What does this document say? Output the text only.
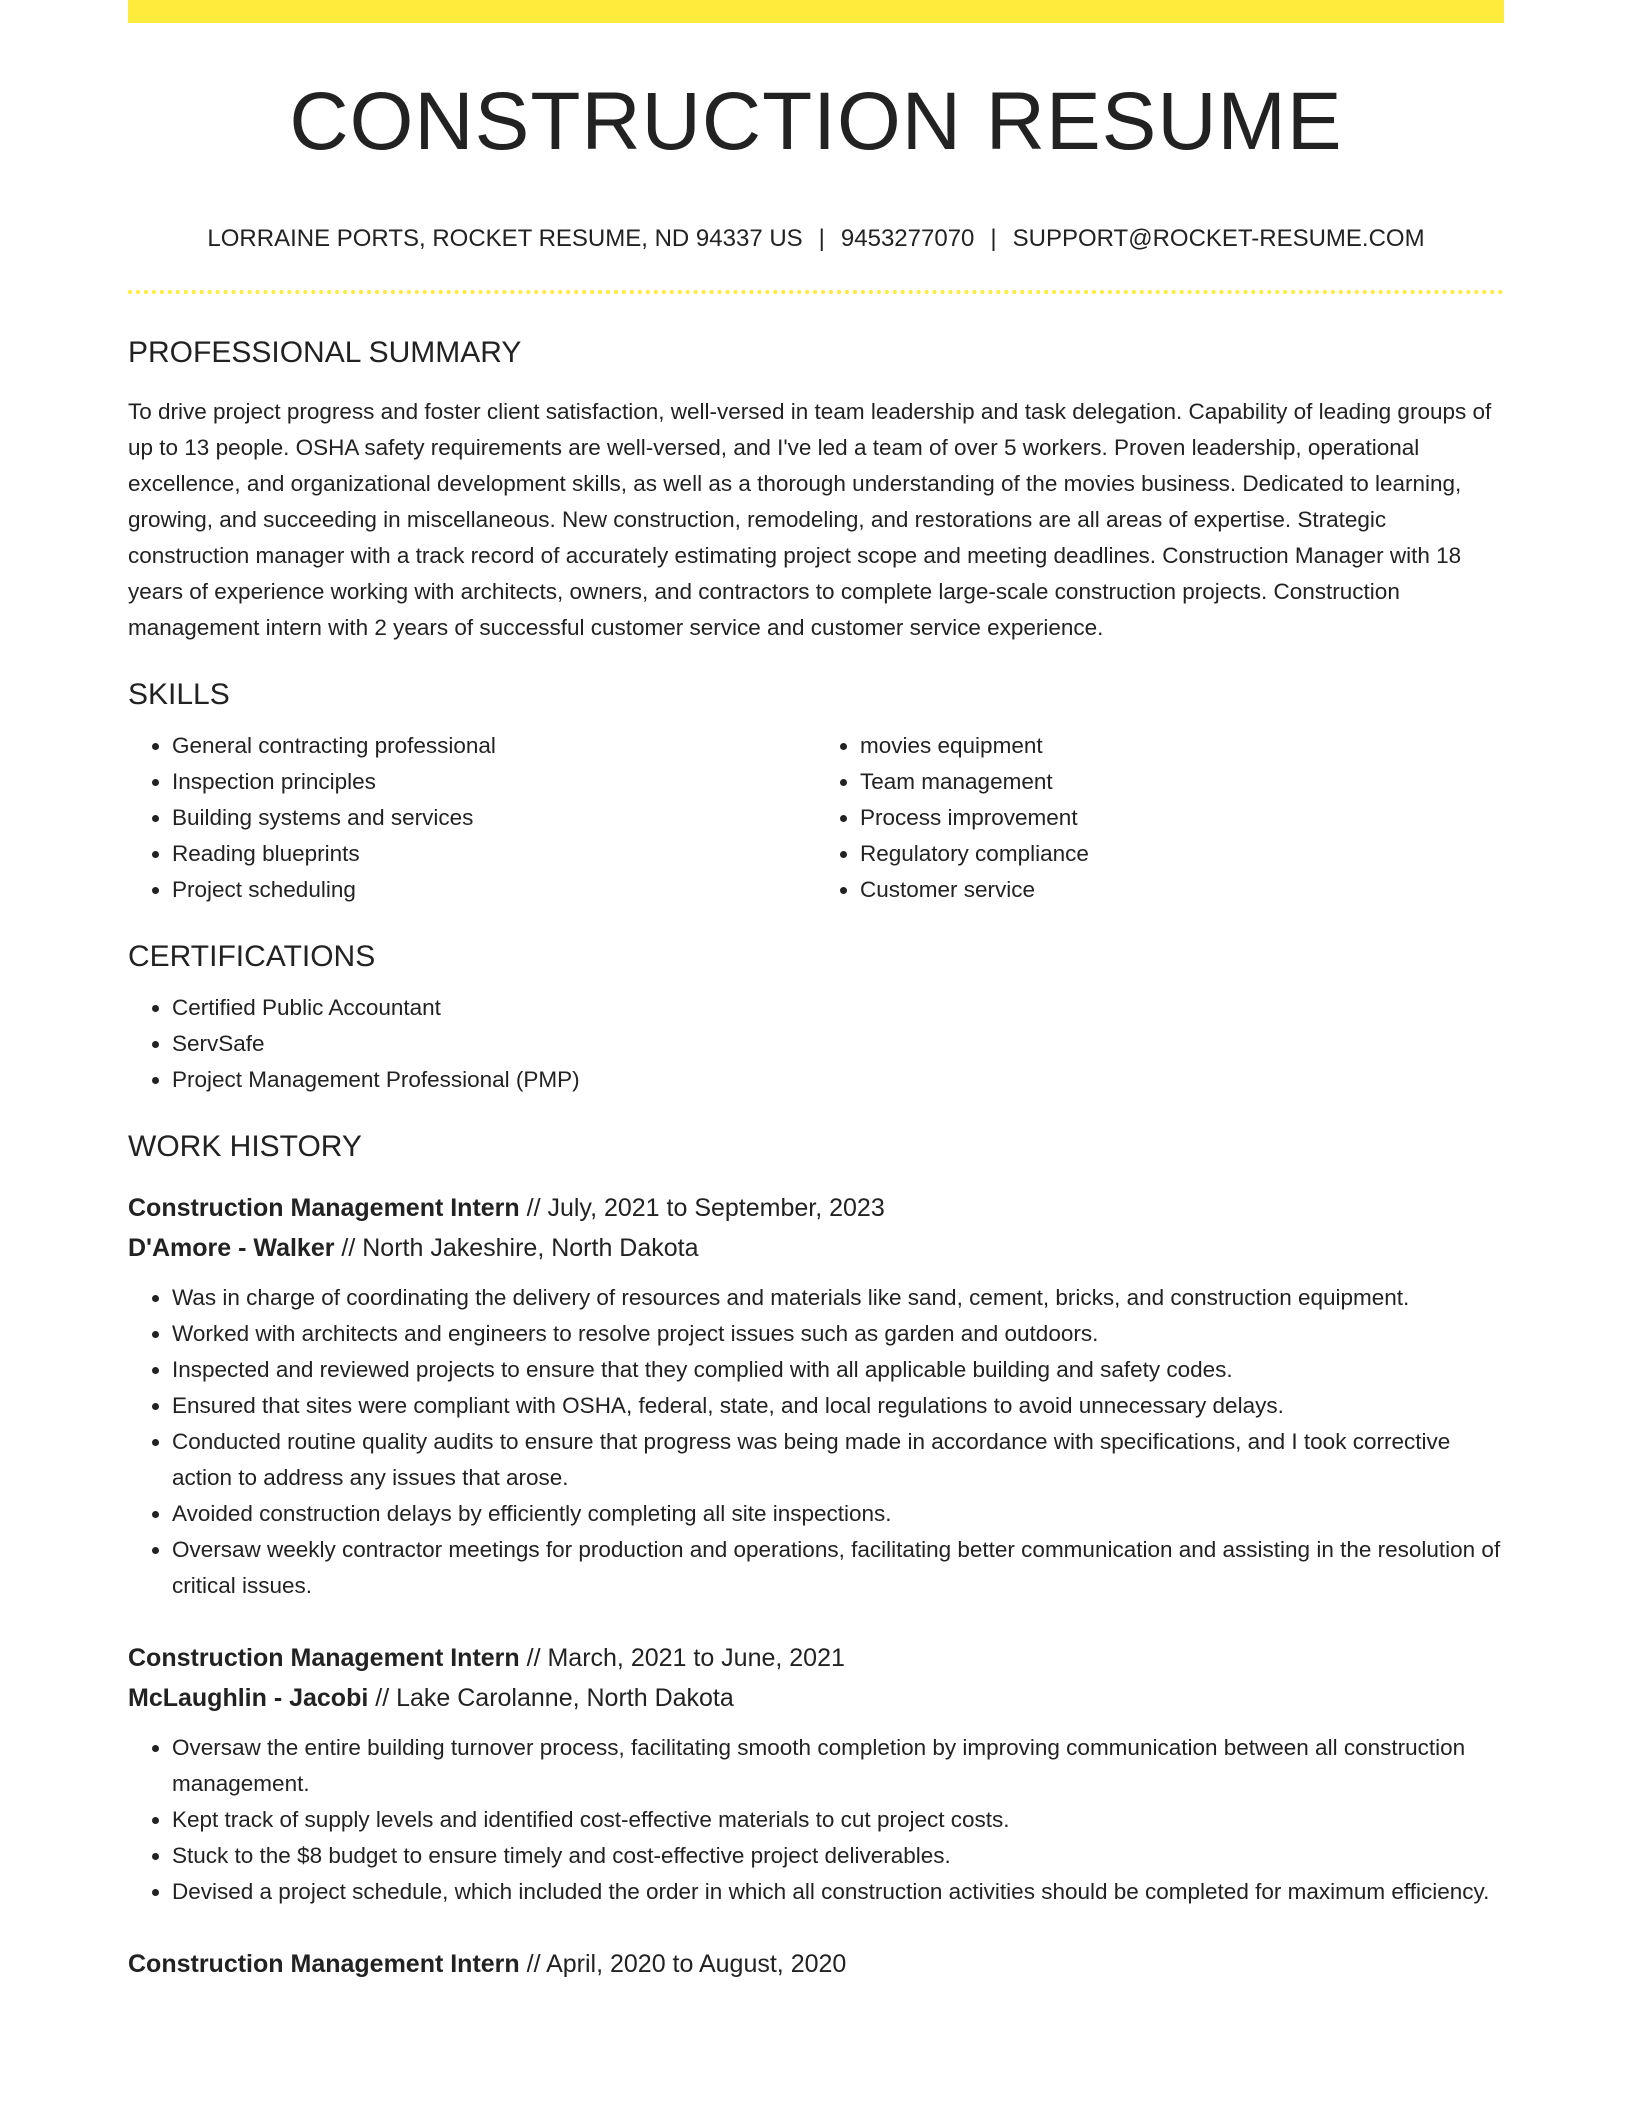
CONSTRUCTION RESUME
LORRAINE PORTS, ROCKET RESUME, ND 94337 US | 9453277070 | SUPPORT@ROCKET-RESUME.COM
PROFESSIONAL SUMMARY

To drive project progress and foster client satisfaction, well-versed in team leadership and task delegation. Capability of leading groups of up to 13 people. OSHA safety requirements are well-versed, and I've led a team of over 5 workers. Proven leadership, operational excellence, and organizational development skills, as well as a thorough understanding of the movies business. Dedicated to learning, growing, and succeeding in miscellaneous. New construction, remodeling, and restorations are all areas of expertise. Strategic construction manager with a track record of accurately estimating project scope and meeting deadlines. Construction Manager with 18 years of experience working with architects, owners, and contractors to complete large-scale construction projects. Construction management intern with 2 years of successful customer service and customer service experience.

SKILLS
• General contracting professional
• Inspection principles
• Building systems and services
• Reading blueprints
• Project scheduling
• movies equipment
• Team management
• Process improvement
• Regulatory compliance
• Customer service
CERTIFICATIONS
• Certified Public Accountant
• ServSafe
• Project Management Professional (PMP)
WORK HISTORY
Construction Management Intern // July, 2021 to September, 2023
D'Amore - Walker // North Jakeshire, North Dakota
• Was in charge of coordinating the delivery of resources and materials like sand, cement, bricks, and construction equipment.
• Worked with architects and engineers to resolve project issues such as garden and outdoors.
• Inspected and reviewed projects to ensure that they complied with all applicable building and safety codes.
• Ensured that sites were compliant with OSHA, federal, state, and local regulations to avoid unnecessary delays.
• Conducted routine quality audits to ensure that progress was being made in accordance with specifications, and I took corrective action to address any issues that arose.
• Avoided construction delays by efficiently completing all site inspections.
• Oversaw weekly contractor meetings for production and operations, facilitating better communication and assisting in the resolution of critical issues.
Construction Management Intern // March, 2021 to June, 2021
McLaughlin - Jacobi // Lake Carolanne, North Dakota
• Oversaw the entire building turnover process, facilitating smooth completion by improving communication between all construction management.
• Kept track of supply levels and identified cost-effective materials to cut project costs.
• Stuck to the $8 budget to ensure timely and cost-effective project deliverables.
• Devised a project schedule, which included the order in which all construction activities should be completed for maximum efficiency.
Construction Management Intern // April, 2020 to August, 2020
